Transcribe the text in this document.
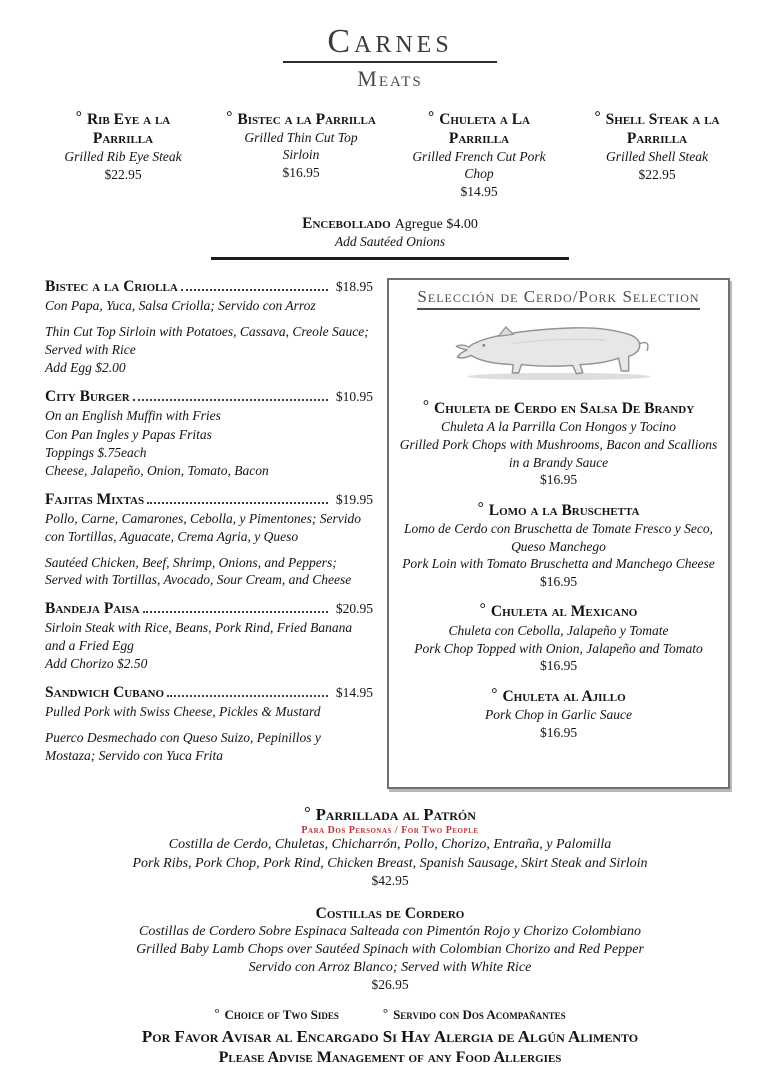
Carnes
Meats
° Rib Eye a la Parrilla
Grilled Rib Eye Steak
$22.95
° Bistec a la Parrilla
Grilled Thin Cut Top Sirloin
$16.95
° Chuleta a La Parrilla
Grilled French Cut Pork Chop
$14.95
° Shell Steak a la Parrilla
Grilled Shell Steak
$22.95
Encebollado Agregue $4.00
Add Sautéed Onions
Bistec a la Criolla	$18.95

Con Papa, Yuca, Salsa Criolla; Servido con Arroz

Thin Cut Top Sirloin with Potatoes, Cassava, Creole Sauce; Served with Rice

Add Egg $2.00

City Burger	$10.95

On an English Muffin with Fries

Con Pan Ingles y Papas Fritas

Toppings $.75each

Cheese, Jalapeño, Onion, Tomato, Bacon

Fajitas Mixtas	$19.95

Pollo, Carne, Camarones, Cebolla, y Pimentones; Servido con Tortillas, Aguacate, Crema Agria, y Queso

Sautéed Chicken, Beef, Shrimp, Onions, and Peppers; Served with Tortillas, Avocado, Sour Cream, and Cheese

Bandeja Paisa	$20.95

Sirloin Steak with Rice, Beans, Pork Rind, Fried Banana and a Fried Egg

Add Chorizo $2.50

Sandwich Cubano	$14.95

Pulled Pork with Swiss Cheese, Pickles & Mustard

Puerco Desmechado con Queso Suizo, Pepinillos y Mostaza; Servido con Yuca Frita

Selección de Cerdo/Pork Selection
° Chuleta de Cerdo en Salsa De Brandy

Chuleta A la Parrilla Con Hongos y Tocino

Grilled Pork Chops with Mushrooms, Bacon and Scallions in a Brandy Sauce

$16.95
° Lomo a la Bruschetta

Lomo de Cerdo con Bruschetta de Tomate Fresco y Seco, Queso Manchego

Pork Loin with Tomato Bruschetta and Manchego Cheese

$16.95
° Chuleta al Mexicano

Chuleta con Cebolla, Jalapeño y Tomate

Pork Chop Topped with Onion, Jalapeño and Tomato

$16.95
° Chuleta al Ajillo

Pork Chop in Garlic Sauce

$16.95
° Parrillada al Patrón
Para Dos Personas / For Two People

Costilla de Cerdo, Chuletas, Chicharrón, Pollo, Chorizo, Entraña, y Palomilla

Pork Ribs, Pork Chop, Pork Rind, Chicken Breast, Spanish Sausage, Skirt Steak and Sirloin

$42.95
Costillas de Cordero

Costillas de Cordero Sobre Espinaca Salteada con Pimentón Rojo y Chorizo Colombiano

Grilled Baby Lamb Chops over Sautéed Spinach with Colombian Chorizo and Red Pepper

Servido con Arroz Blanco; Served with White Rice

$26.95
° Choice of Two Sides	° Servido con Dos Acompañantes
Por Favor Avisar al Encargado Si Hay Alergia de Algún Alimento
Please Advise Management of any Food Allergies
